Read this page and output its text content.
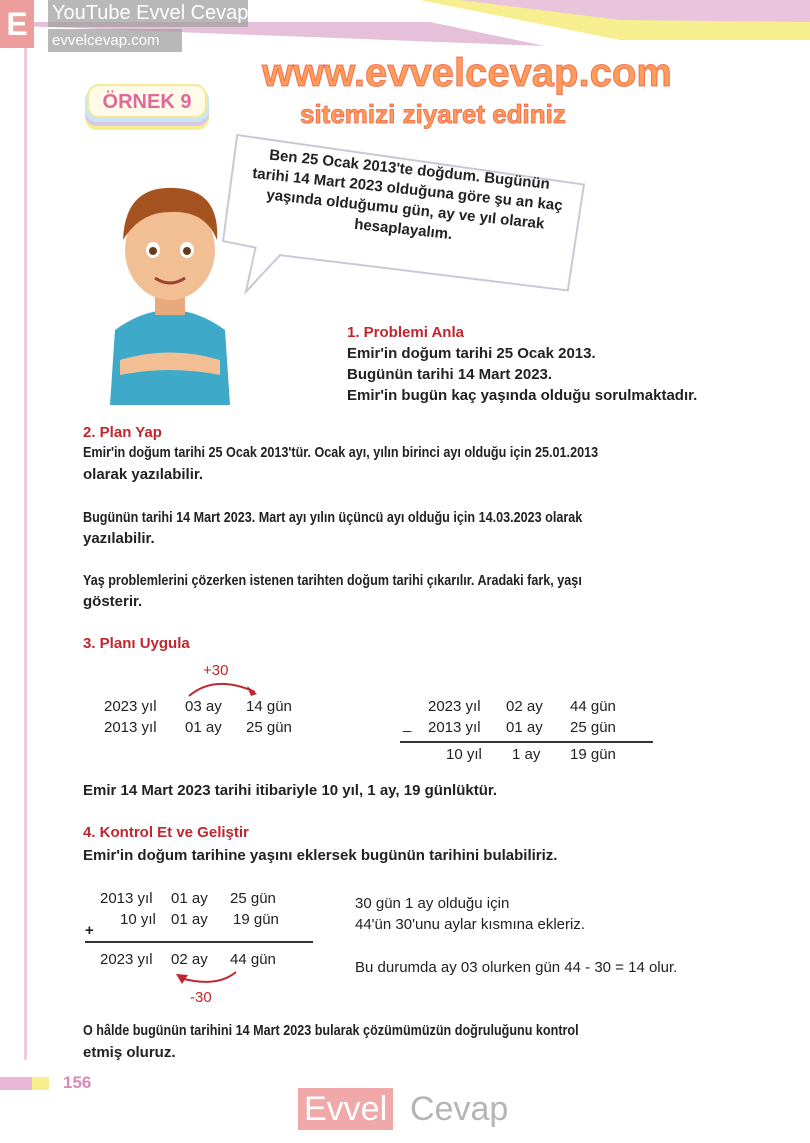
E	YouTube Evvel Cevap
evvelcevap.com
www.evvelcevap.com
sitemizi ziyaret ediniz
ÖRNEK 9
Ben 25 Ocak 2013'te doğdum. Bugünün tarihi 14 Mart 2023 olduğuna göre şu an kaç yaşında olduğumu gün, ay ve yıl olarak hesaplayalım.
1. Problemi Anla
Emir'in doğum tarihi 25 Ocak 2013.
Bugünün tarihi 14 Mart 2023.
Emir'in bugün kaç yaşında olduğu sorulmaktadır.
2. Plan Yap
Emir'in doğum tarihi 25 Ocak 2013'tür. Ocak ayı, yılın birinci ayı olduğu için 25.01.2013
olarak yazılabilir.
Bugünün tarihi 14 Mart 2023. Mart ayı yılın üçüncü ayı olduğu için 14.03.2023 olarak
yazılabilir.
Yaş problemlerini çözerken istenen tarihten doğum tarihi çıkarılır. Aradaki fark, yaşı
gösterir.
3. Planı Uygula
+30
2023 yıl 03 ay 14 gün
2013 yıl 01 ay 25 gün
2023 yıl 02 ay 44 gün
_ 2013 yıl 01 ay 25 gün
10 yıl 1 ay 19 gün
Emir 14 Mart 2023 tarihi itibariyle 10 yıl, 1 ay, 19 günlüktür.
4. Kontrol Et ve Geliştir
Emir'in doğum tarihine yaşını eklersek bugünün tarihini bulabiliriz.
2013 yıl 01 ay 25 gün
10 yıl 01 ay 19 gün
+
2023 yıl 02 ay 44 gün
-30
30 gün 1 ay olduğu için
44'ün 30'unu aylar kısmına ekleriz.
Bu durumda ay 03 olurken gün 44 - 30 = 14 olur.
O hâlde bugünün tarihini 14 Mart 2023 bularak çözümümüzün doğruluğunu kontrol
etmiş oluruz.
156
Evvel Cevap
